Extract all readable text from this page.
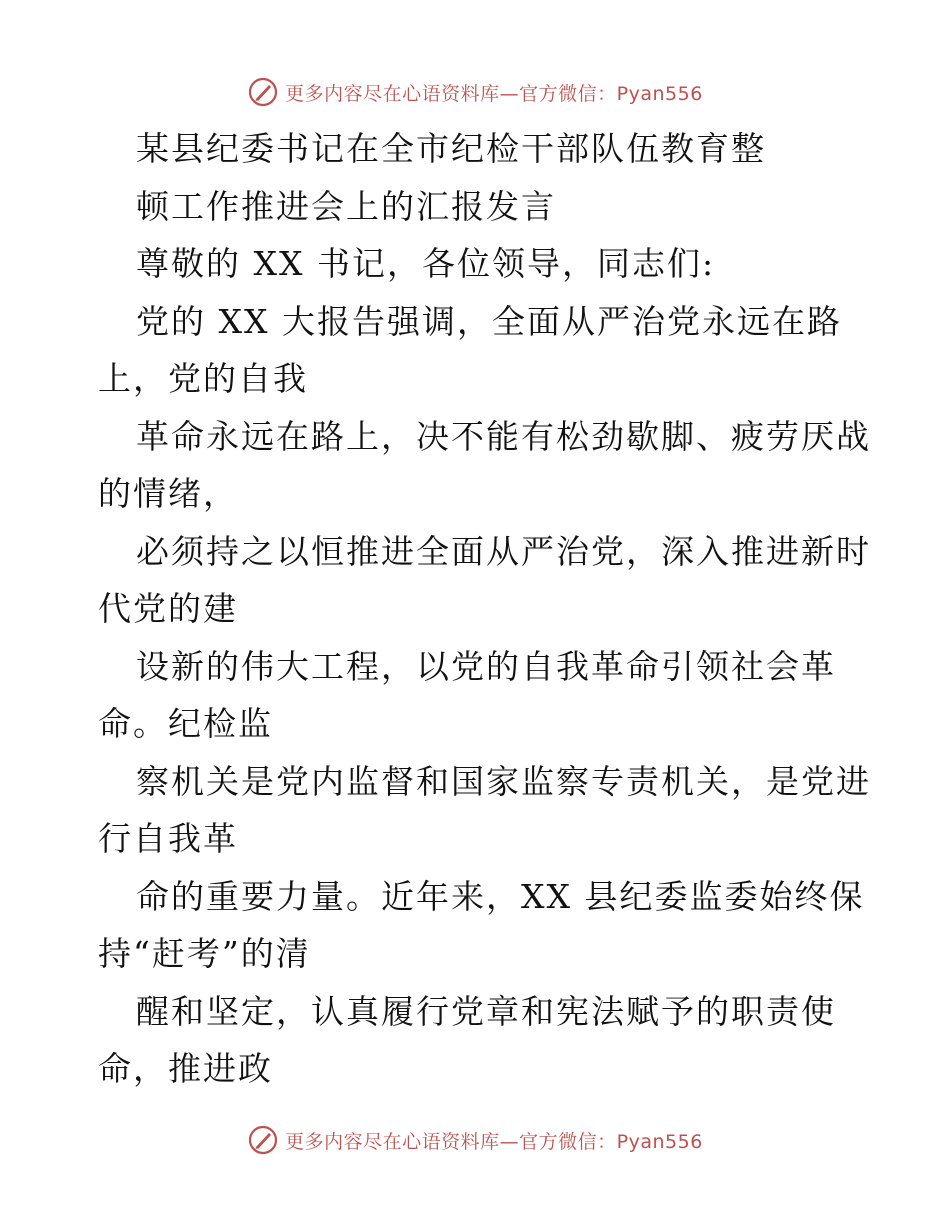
更多内容尽在心语资料库—官方微信：Pyan556
某县纪委书记在全市纪检干部队伍教育整
顿工作推进会上的汇报发言
尊敬的 XX 书记，各位领导，同志们:
党的 XX 大报告强调，全面从严治党永远在路
上，党的自我
革命永远在路上，决不能有松劲歇脚、疲劳厌战
的情绪，
必须持之以恒推进全面从严治党，深入推进新时
代党的建
设新的伟大工程，以党的自我革命引领社会革
命。纪检监
察机关是党内监督和国家监察专责机关，是党进
行自我革
命的重要力量。近年来，XX 县纪委监委始终保
持“赶考”的清
醒和坚定，认真履行党章和宪法赋予的职责使
命，推进政
更多内容尽在心语资料库—官方微信：Pyan556
